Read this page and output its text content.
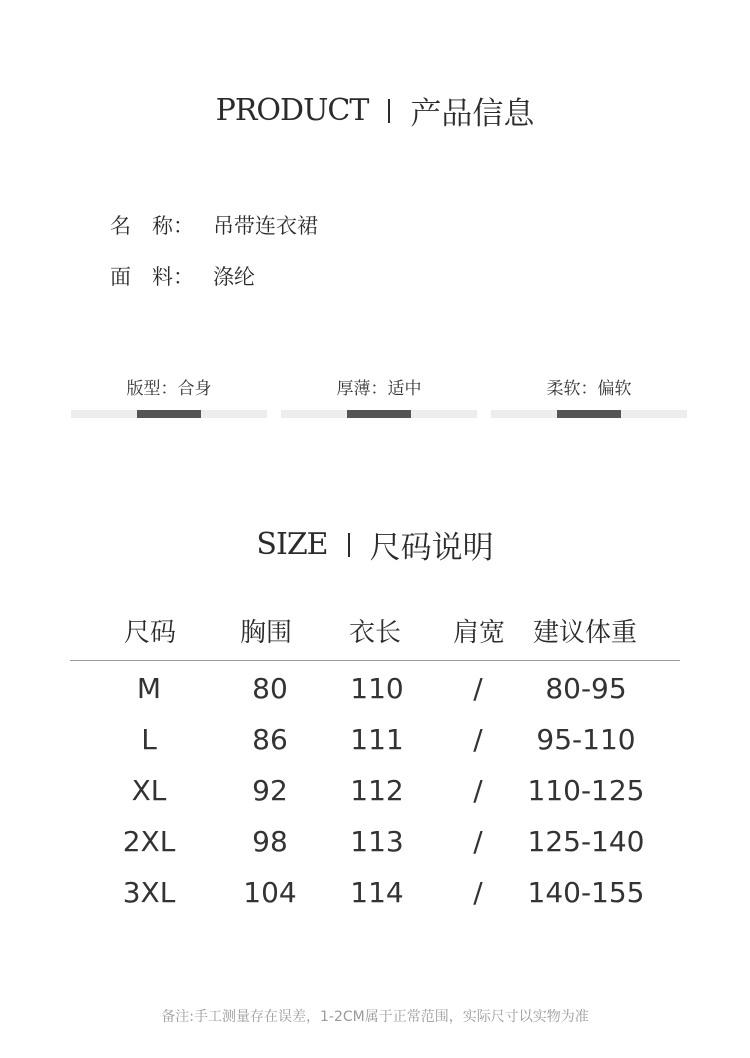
PRODUCT 产品信息
名　称： 吊带连衣裙
面　料： 涤纶
版型：合身	厚薄：适中	柔软：偏软
SIZE 尺码说明
尺码 胸围 衣长 肩宽 建议体重
M	80 110 / 80-95
L	86 111 / 95-110
XL	92 112 / 110-125
2XL	98 113 / 125-140
3XL 104 114 / 140-155
备注:手工测量存在误差，1-2CM属于正常范围，实际尺寸以实物为准
